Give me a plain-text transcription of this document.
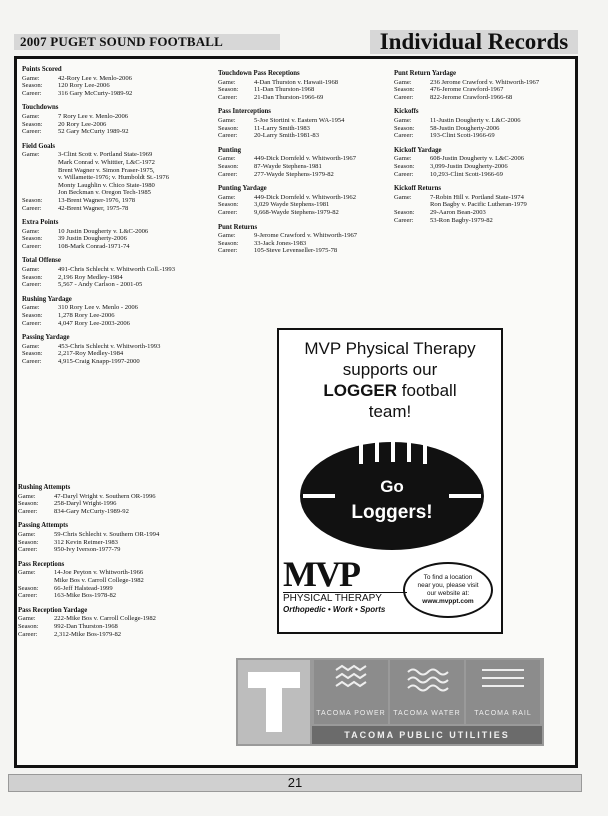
2007 PUGET SOUND FOOTBALL	Individual Records
Points Scored
Game:	42-Rory Lee v. Menlo-2006
Season:	120 Rory Lee-2006
Career:	316 Gary McCurty-1989-92
Touchdowns
Game:	7 Rory Lee v. Menlo-2006
Season:	20 Rory Lee-2006
Career:	52 Gary McCurty 1989-92
Field Goals
Game:	3-Clint Scott v. Portland State-1969
Mark Conrad v. Whittier, L&C-1972
Brent Wagner v. Simon Fraser-1975,
v. Willamette-1976; v. Humboldt St.-1976
Monty Laughlin v. Chico State-1980
Jon Beckman v. Oregon Tech-1985
Season:	13-Brent Wagner-1976, 1978
Career:	42-Brent Wagner, 1975-78
Extra Points
Game:	10 Justin Dougherty v. L&C-2006
Season:	39 Justin Dougherty-2006
Career:	108-Mark Conrad-1971-74
Total Offense
Game:	491-Chris Schlecht v. Whitworth Coll.-1993
Season:	2,196 Roy Medley-1984
Career:	5,567 - Andy Carlson - 2001-05
Rushing Yardage
Game:	310 Rory Lee v. Menlo - 2006
Season:	1,278 Rory Lee-2006
Career:	4,047 Rory Lee-2003-2006
Passing Yardage
Game:	453-Chris Schlecht v. Whitworth-1993
Season:	2,217-Roy Medley-1984
Career:	4,915-Craig Knapp-1997-2000
Rushing Attempts
Game:	47-Daryl Wright v. Southern OR-1996
Season:	258-Daryl Wright-1996
Career:	834-Gary McCurty-1989-92
Passing Attempts
Game:	59-Chris Schlecht v. Southern OR-1994
Season:	312 Kevin Reimer-1983
Career:	950-Ivy Iverson-1977-79
Pass Receptions
Game:	14-Joe Peyton v. Whitworth-1966
Mike Bos v. Carroll College-1982
Season:	66-Jeff Halstead-1999
Career:	163-Mike Bos-1978-82
Pass Reception Yardage
Game:	222-Mike Bos v. Carroll College-1982
Season:	992-Dan Thurston-1968
Career:	2,312-Mike Bos-1979-82
Touchdown Pass Receptions
Game:	4-Dan Thurston v. Hawaii-1968
Season:	11-Dan Thurston-1968
Career:	21-Dan Thurston-1966-69
Pass Interceptions
Game:	5-Joe Stortini v. Eastern WA-1954
Season:	11-Larry Smith-1983
Career:	20-Larry Smith-1981-83
Punting
Game:	449-Dick Dornfeld v. Whitworth-1967
Season:	87-Wayde Stephens-1981
Career:	277-Wayde Stephens-1979-82
Punting Yardage
Game:	449-Dick Dornfeld v. Whitworth-1962
Season:	3,029 Wayde Stephens-1981
Career:	9,668-Wayde Stephens-1979-82
Punt Returns
Game:	9-Jerome Crawford v. Whitworth-1967
Season:	33-Jack Jones-1983
Career:	105-Steve Levenseller-1975-78
Punt Return Yardage
Game:	236 Jerome Crawford v. Whitworth-1967
Season:	476-Jerome Crawford-1967
Career:	822-Jerome Crawford-1966-68
Kickoffs
Game:	11-Justin Dougherty v. L&C-2006
Season:	58-Justin Dougherty-2006
Career:	193-Clint Scott-1966-69
Kickoff Yardage
Game:	608-Justin Dougherty v. L&C-2006
Season:	3,099-Justin Dougherty-2006
Career:	10,293-Clint Scott-1966-69
Kickoff Returns
Game:	7-Robin Hill v. Portland State-1974
Ron Bagby v. Pacific Lutheran-1979
Season:	29-Aaron Bean-2003
Career:	53-Ron Bagby-1979-82
MVP Physical Therapy
supports our
LOGGER football
team!
Go
Loggers!
MVP
PHYSICAL THERAPY
Orthopedic • Work • Sports
To find a location
near you, please visit
our website at:
www.mvppt.com
TACOMA POWER	TACOMA WATER	TACOMA RAIL
TACOMA PUBLIC UTILITIES
21
